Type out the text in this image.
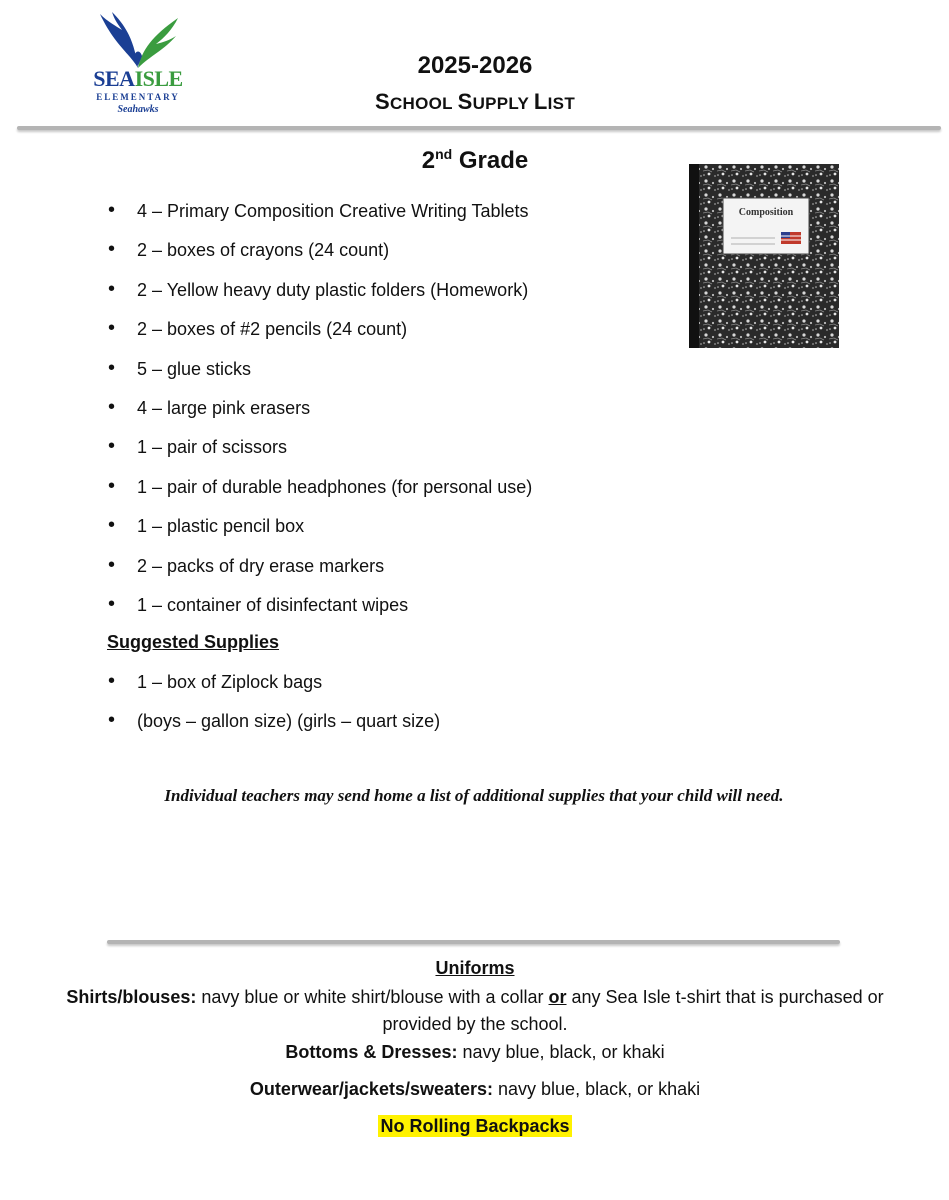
SEAISLE
ELEMENTARY
Seahawks
2025-2026
SCHOOL SUPPLY LIST
2nd Grade
Composition
• 4 – Primary Composition Creative Writing Tablets
• 2 – boxes of crayons (24 count)
• 2 – Yellow heavy duty plastic folders (Homework)
• 2 – boxes of #2 pencils (24 count)
• 5 – glue sticks
• 4 – large pink erasers
• 1 – pair of scissors
• 1 – pair of durable headphones (for personal use)
• 1 – plastic pencil box
• 2 – packs of dry erase markers
• 1 – container of disinfectant wipes
Suggested Supplies
• 1 – box of Ziplock bags
• (boys – gallon size) (girls – quart size)
Individual teachers may send home a list of additional supplies that your child will need.
Uniforms
Shirts/blouses: navy blue or white shirt/blouse with a collar or any Sea Isle t-shirt that is purchased or provided by the school.
Bottoms & Dresses: navy blue, black, or khaki
Outerwear/jackets/sweaters: navy blue, black, or khaki
No Rolling Backpacks
